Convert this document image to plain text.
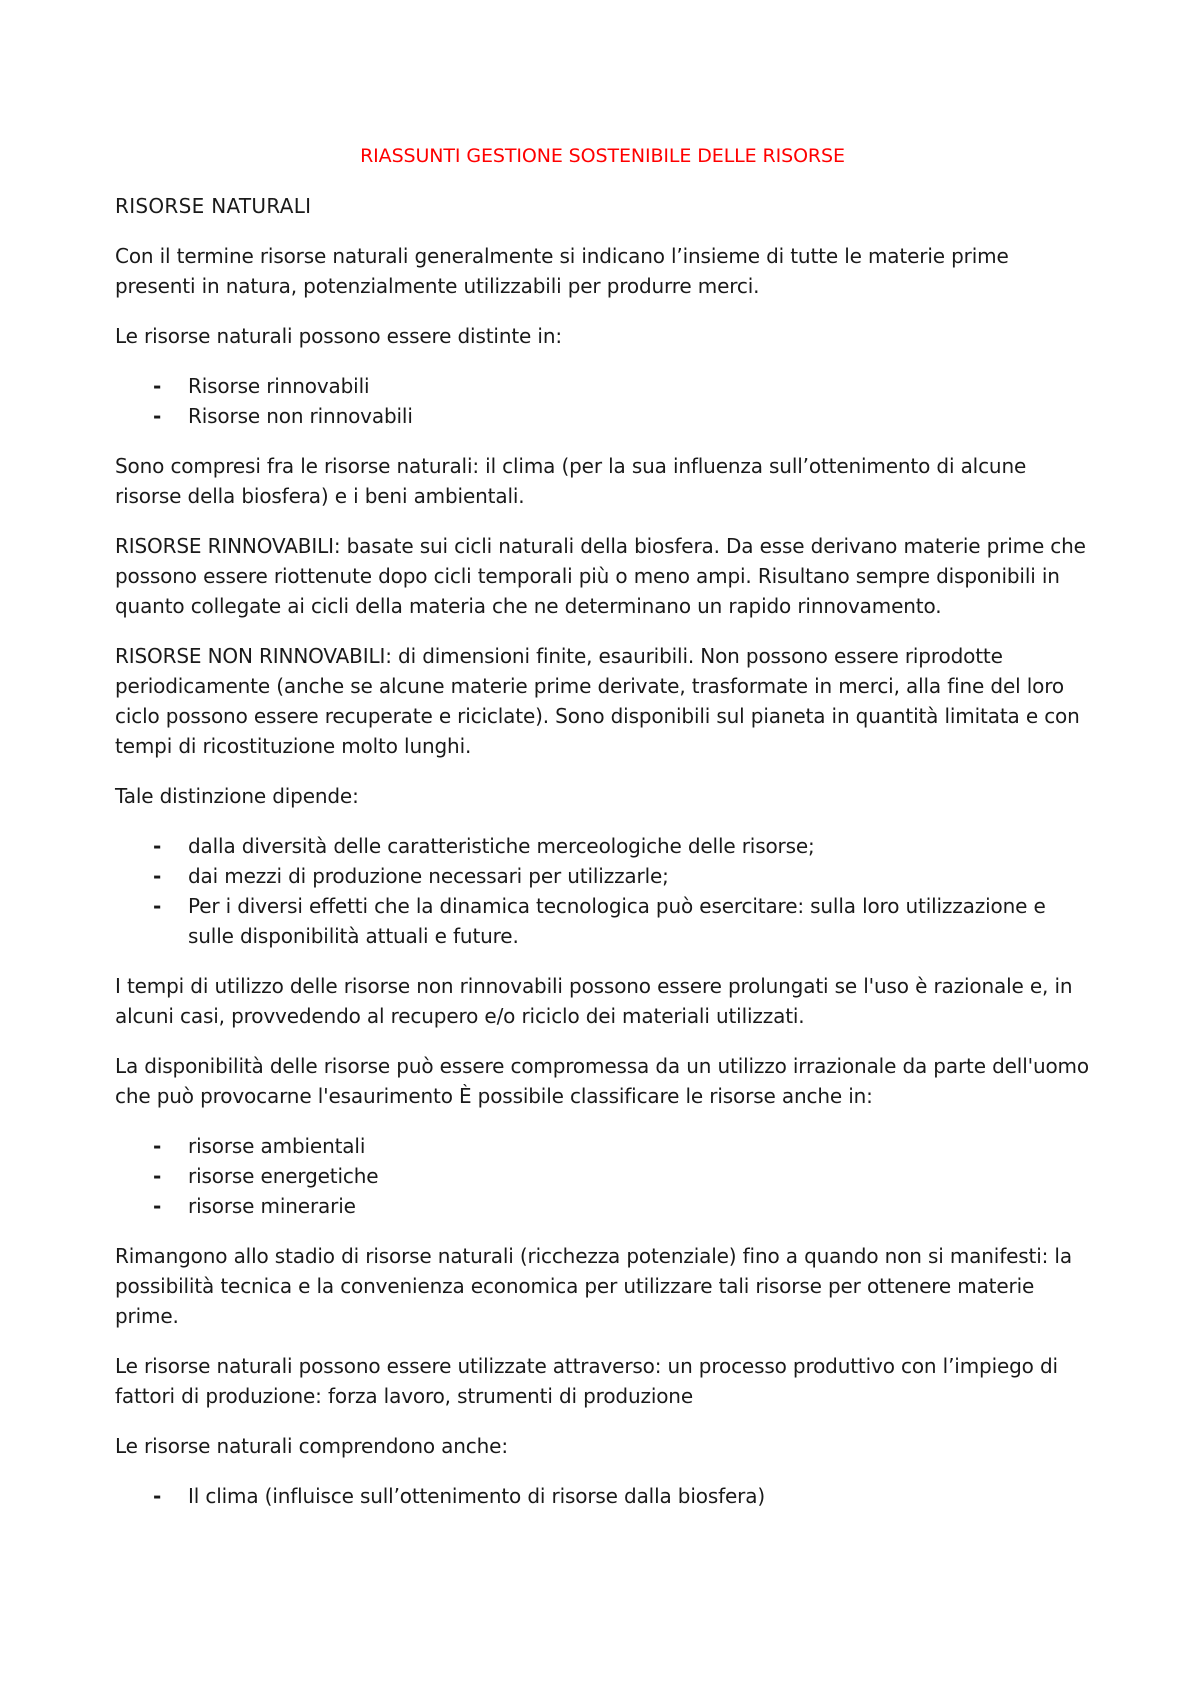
RIASSUNTI GESTIONE SOSTENIBILE DELLE RISORSE
RISORSE NATURALI

Con il termine risorse naturali generalmente si indicano l’insieme di tutte le materie prime presenti in natura, potenzialmente utilizzabili per produrre merci.

Le risorse naturali possono essere distinte in:

- Risorse rinnovabili
- Risorse non rinnovabili

Sono compresi fra le risorse naturali: il clima (per la sua influenza sull’ottenimento di alcune risorse della biosfera) e i beni ambientali.

RISORSE RINNOVABILI: basate sui cicli naturali della biosfera. Da esse derivano materie prime che possono essere riottenute dopo cicli temporali più o meno ampi. Risultano sempre disponibili in quanto collegate ai cicli della materia che ne determinano un rapido rinnovamento.

RISORSE NON RINNOVABILI: di dimensioni finite, esauribili. Non possono essere riprodotte periodicamente (anche se alcune materie prime derivate, trasformate in merci, alla fine del loro ciclo possono essere recuperate e riciclate). Sono disponibili sul pianeta in quantità limitata e con tempi di ricostituzione molto lunghi.

Tale distinzione dipende:

- dalla diversità delle caratteristiche merceologiche delle risorse;
- dai mezzi di produzione necessari per utilizzarle;
- Per i diversi effetti che la dinamica tecnologica può esercitare: sulla loro utilizzazione e sulle disponibilità attuali e future.

I tempi di utilizzo delle risorse non rinnovabili possono essere prolungati se l'uso è razionale e, in alcuni casi, provvedendo al recupero e/o riciclo dei materiali utilizzati.

La disponibilità delle risorse può essere compromessa da un utilizzo irrazionale da parte dell'uomo che può provocarne l'esaurimento È possibile classificare le risorse anche in:

- risorse ambientali
- risorse energetiche
- risorse minerarie

Rimangono allo stadio di risorse naturali (ricchezza potenziale) fino a quando non si manifesti: la possibilità tecnica e la convenienza economica per utilizzare tali risorse per ottenere materie prime.

Le risorse naturali possono essere utilizzate attraverso: un processo produttivo con l’impiego di fattori di produzione: forza lavoro, strumenti di produzione

Le risorse naturali comprendono anche:

- Il clima (influisce sull’ottenimento di risorse dalla biosfera)
